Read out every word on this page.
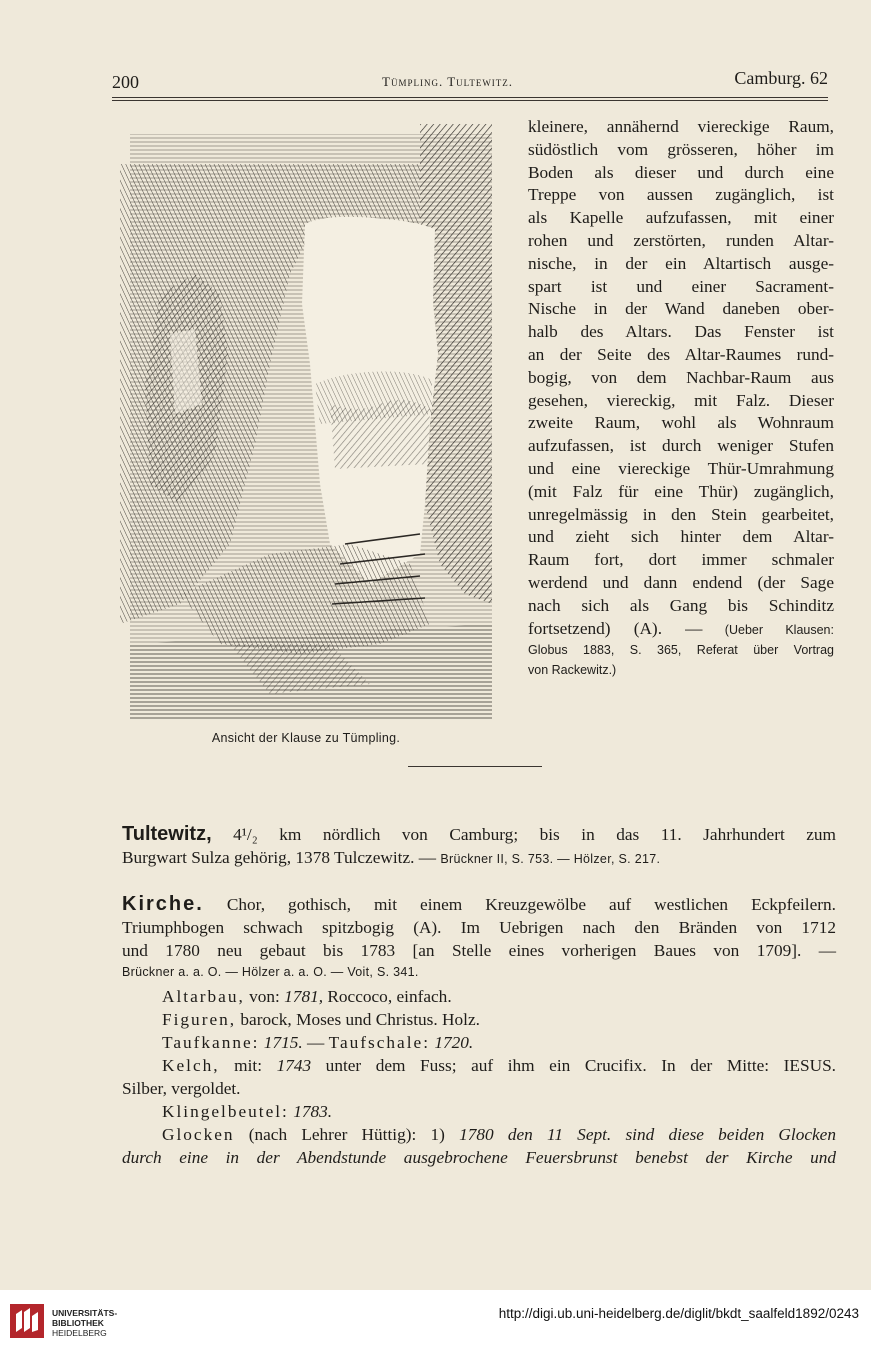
200	Tümpling. Tultewitz.	Camburg. 62
Ansicht der Klause zu Tümpling.
kleinere, annähernd viereckige Raum,
südöstlich vom grösseren, höher im
Boden als dieser und durch eine
Treppe von aussen zugänglich, ist
als Kapelle aufzufassen, mit einer
rohen und zerstörten, runden Altar-
nische, in der ein Altartisch ausge-
spart ist und einer Sacrament-
Nische in der Wand daneben ober-
halb des Altars. Das Fenster ist
an der Seite des Altar-Raumes rund-
bogig, von dem Nachbar-Raum aus
gesehen, viereckig, mit Falz. Dieser
zweite Raum, wohl als Wohnraum
aufzufassen, ist durch weniger Stufen
und eine viereckige Thür-Umrahmung
(mit Falz für eine Thür) zugänglich,
unregelmässig in den Stein gearbeitet,
und zieht sich hinter dem Altar-
Raum fort, dort immer schmaler
werdend und dann endend (der Sage
nach sich als Gang bis Schinditz
fortsetzend) (A). — (Ueber Klausen:
Globus 1883, S. 365, Referat über Vortrag
von Rackewitz.)
Tultewitz, 4¹/₂ km nördlich von Camburg; bis in das 11. Jahrhundert zum
Burgwart Sulza gehörig, 1378 Tulczewitz. — Brückner II, S. 753. — Hölzer, S. 217.
Kirche. Chor, gothisch, mit einem Kreuzgewölbe auf westlichen Eckpfeilern.
Triumphbogen schwach spitzbogig (A). Im Uebrigen nach den Bränden von 1712
und 1780 neu gebaut bis 1783 [an Stelle eines vorherigen Baues von 1709]. —
Brückner a. a. O. — Hölzer a. a. O. — Voit, S. 341.
Altarbau, von: 1781, Roccoco, einfach.
Figuren, barock, Moses und Christus. Holz.
Taufkanne: 1715. — Taufschale: 1720.
Kelch, mit: 1743 unter dem Fuss; auf ihm ein Crucifix. In der Mitte: IESUS.
Silber, vergoldet.
Klingelbeutel: 1783.
Glocken (nach Lehrer Hüttig): 1) 1780 den 11 Sept. sind diese beiden Glocken
durch eine in der Abendstunde ausgebrochene Feuersbrunst benebst der Kirche und
UNIVERSITÄTS-
BIBLIOTHEK
HEIDELBERG
http://digi.ub.uni-heidelberg.de/diglit/bkdt_saalfeld1892/0243
